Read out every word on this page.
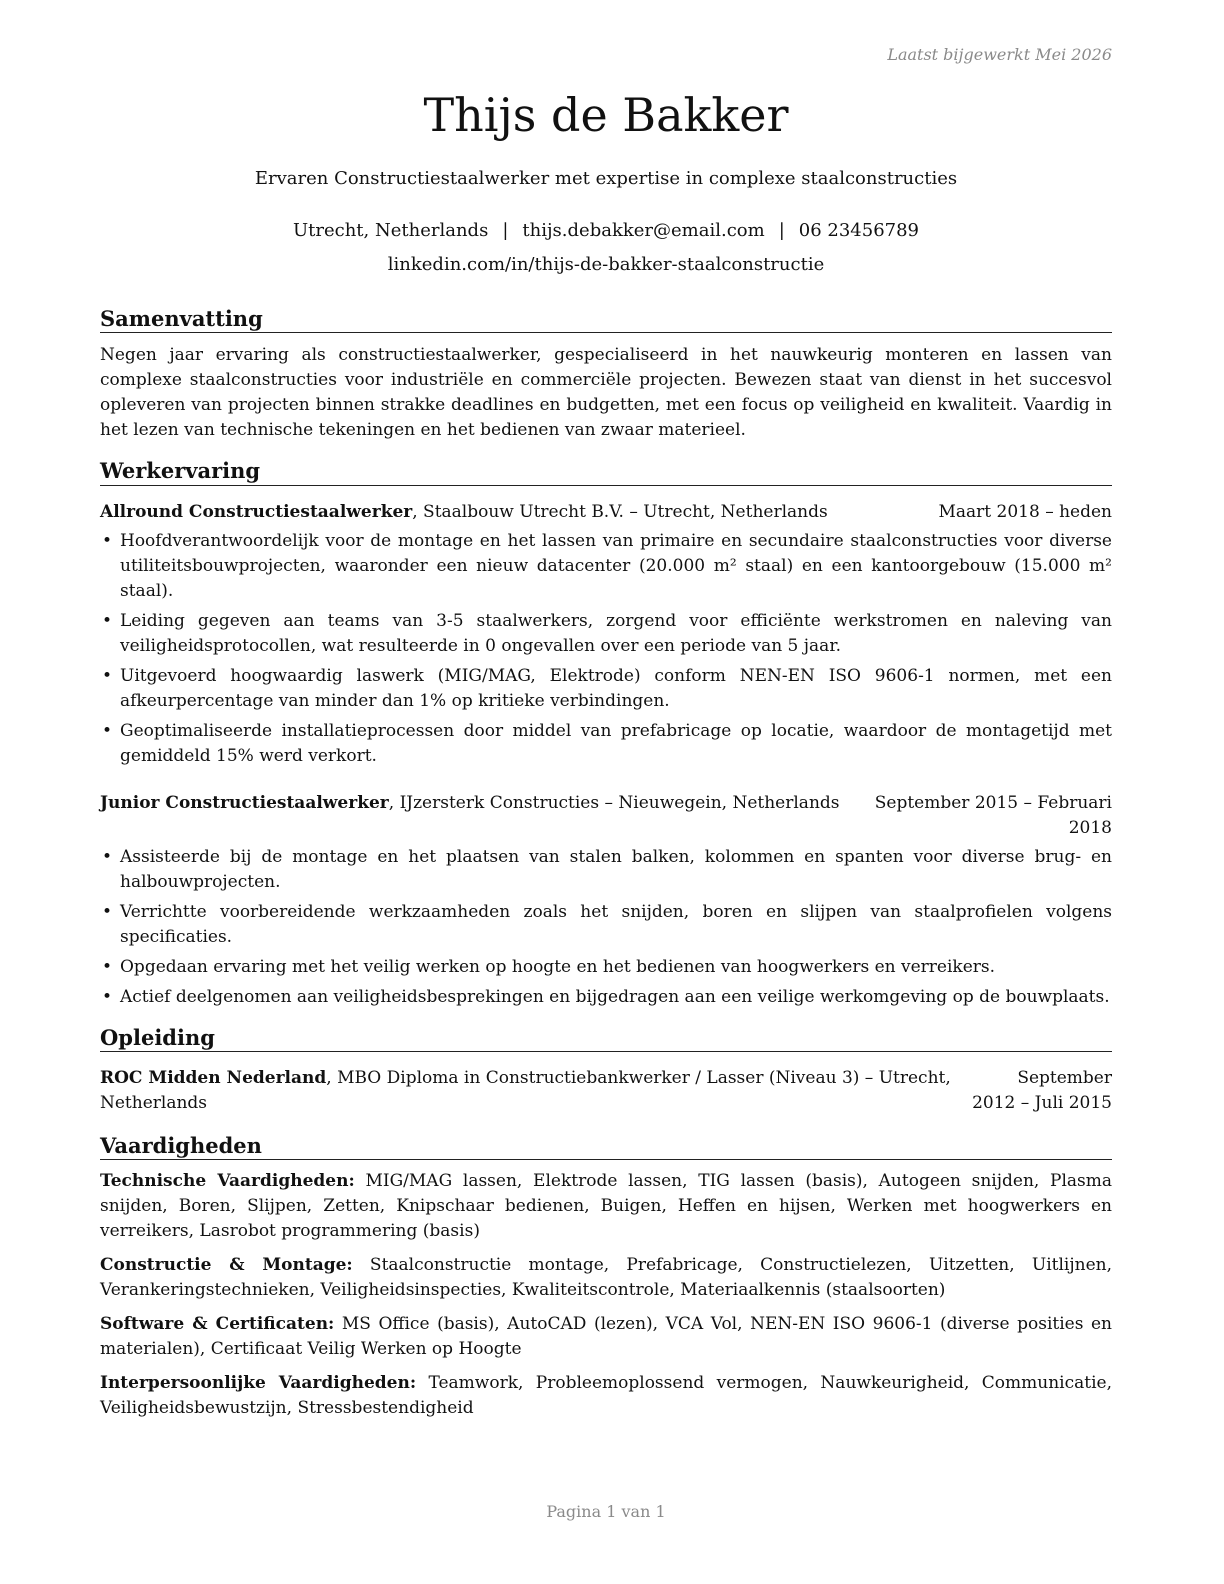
Laatst bijgewerkt Mei 2026
Thijs de Bakker
Ervaren Constructiestaalwerker met expertise in complexe staalconstructies
Utrecht, Netherlands | thijs.debakker@email.com | 06 23456789
linkedin.com/in/thijs-de-bakker-staalconstructie
Samenvatting

Negen jaar ervaring als constructiestaalwerker, gespecialiseerd in het nauwkeurig monteren en lassen van complexe staalconstructies voor industriële en commerciële projecten. Bewezen staat van dienst in het succesvol opleveren van projecten binnen strakke deadlines en budgetten, met een focus op veiligheid en kwaliteit. Vaardig in het lezen van technische tekeningen en het bedienen van zwaar materieel.

Werkervaring
Allround Constructiestaalwerker, Staalbouw Utrecht B.V. – Utrecht, Netherlands	Maart 2018 – heden
• Hoofdverantwoordelijk voor de montage en het lassen van primaire en secundaire staalconstructies voor diverse utiliteitsbouwprojecten, waaronder een nieuw datacenter (20.000 m² staal) en een kantoorgebouw (15.000 m² staal).
• Leiding gegeven aan teams van 3-5 staalwerkers, zorgend voor efficiënte werkstromen en naleving van veiligheidsprotocollen, wat resulteerde in 0 ongevallen over een periode van 5 jaar.
• Uitgevoerd hoogwaardig laswerk (MIG/MAG, Elektrode) conform NEN-EN ISO 9606-1 normen, met een afkeurpercentage van minder dan 1% op kritieke verbindingen.
• Geoptimaliseerde installatieprocessen door middel van prefabricage op locatie, waardoor de montagetijd met gemiddeld 15% werd verkort.
Junior Constructiestaalwerker, IJzersterk Constructies – Nieuwegein, Netherlands	September 2015 – Februari 2018
• Assisteerde bij de montage en het plaatsen van stalen balken, kolommen en spanten voor diverse brug- en halbouwprojecten.
• Verrichtte voorbereidende werkzaamheden zoals het snijden, boren en slijpen van staalprofielen volgens specificaties.
• Opgedaan ervaring met het veilig werken op hoogte en het bedienen van hoogwerkers en verreikers.
• Actief deelgenomen aan veiligheidsbesprekingen en bijgedragen aan een veilige werkomgeving op de bouwplaats.
Opleiding
ROC Midden Nederland, MBO Diploma in Constructiebankwerker / Lasser (Niveau 3) – Utrecht, Netherlands
September 2012 – Juli 2015
Vaardigheden
Technische Vaardigheden: MIG/MAG lassen, Elektrode lassen, TIG lassen (basis), Autogeen snijden, Plasma snijden, Boren, Slijpen, Zetten, Knipschaar bedienen, Buigen, Heffen en hijsen, Werken met hoogwerkers en verreikers, Lasrobot programmering (basis)
Constructie & Montage: Staalconstructie montage, Prefabricage, Constructielezen, Uitzetten, Uitlijnen, Verankeringstechnieken, Veiligheidsinspecties, Kwaliteitscontrole, Materiaalkennis (staalsoorten)
Software & Certificaten: MS Office (basis), AutoCAD (lezen), VCA Vol, NEN-EN ISO 9606-1 (diverse posities en materialen), Certificaat Veilig Werken op Hoogte
Interpersoonlijke Vaardigheden: Teamwork, Probleemoplossend vermogen, Nauwkeurigheid, Communicatie, Veiligheidsbewustzijn, Stressbestendigheid
Pagina 1 van 1
